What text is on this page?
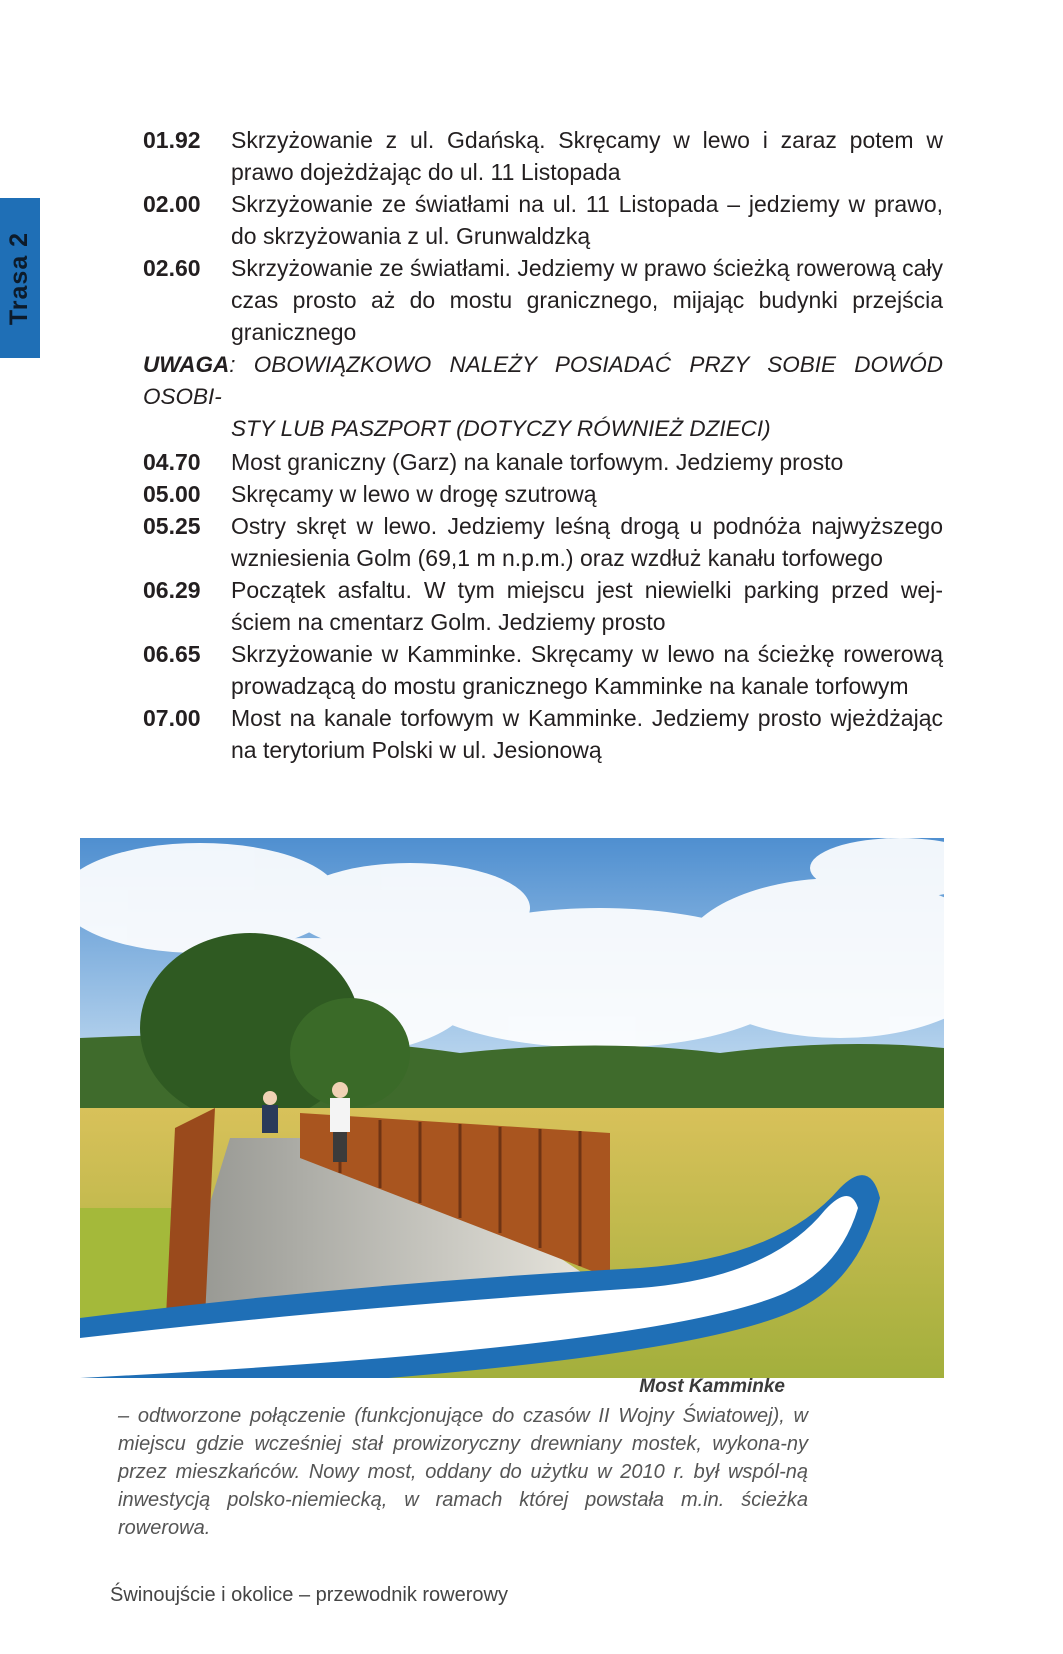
Trasa 2
01.92	Skrzyżowanie z ul. Gdańską. Skręcamy w lewo i zaraz potem w prawo dojeżdżając do ul. 11 Listopada
02.00	Skrzyżowanie ze światłami na ul. 11 Listopada – jedziemy w prawo, do skrzyżowania z ul. Grunwaldzką
02.60	Skrzyżowanie ze światłami. Jedziemy w prawo ścieżką rowerową cały czas prosto aż do mostu granicznego, mijając budynki przejścia granicznego
UWAGA: OBOWIĄZKOWO NALEŻY POSIADAĆ PRZY SOBIE DOWÓD OSOBI-
STY LUB PASZPORT (DOTYCZY RÓWNIEŻ DZIECI)
04.70	Most graniczny (Garz) na kanale torfowym. Jedziemy prosto
05.00	Skręcamy w lewo w drogę szutrową
05.25	Ostry skręt w lewo. Jedziemy leśną drogą u podnóża najwyższego wzniesienia Golm (69,1 m n.p.m.) oraz wzdłuż kanału torfowego
06.29	Początek asfaltu. W tym miejscu jest niewielki parking przed wej-ściem na cmentarz Golm. Jedziemy prosto
06.65	Skrzyżowanie w Kamminke. Skręcamy w lewo na ścieżkę rowerową prowadzącą do mostu granicznego Kamminke na kanale torfowym
07.00	Most na kanale torfowym w Kamminke. Jedziemy prosto wjeżdżając na terytorium Polski w ul. Jesionową
Most Kamminke
– odtworzone połączenie (funkcjonujące do czasów II Wojny Światowej), w miejscu gdzie wcześniej stał prowizoryczny drewniany mostek, wykona-ny przez mieszkańców. Nowy most, oddany do użytku w 2010 r. był wspól-ną inwestycją polsko-niemiecką, w ramach której powstała m.in. ścieżka rowerowa.
Świnoujście i okolice – przewodnik rowerowy
